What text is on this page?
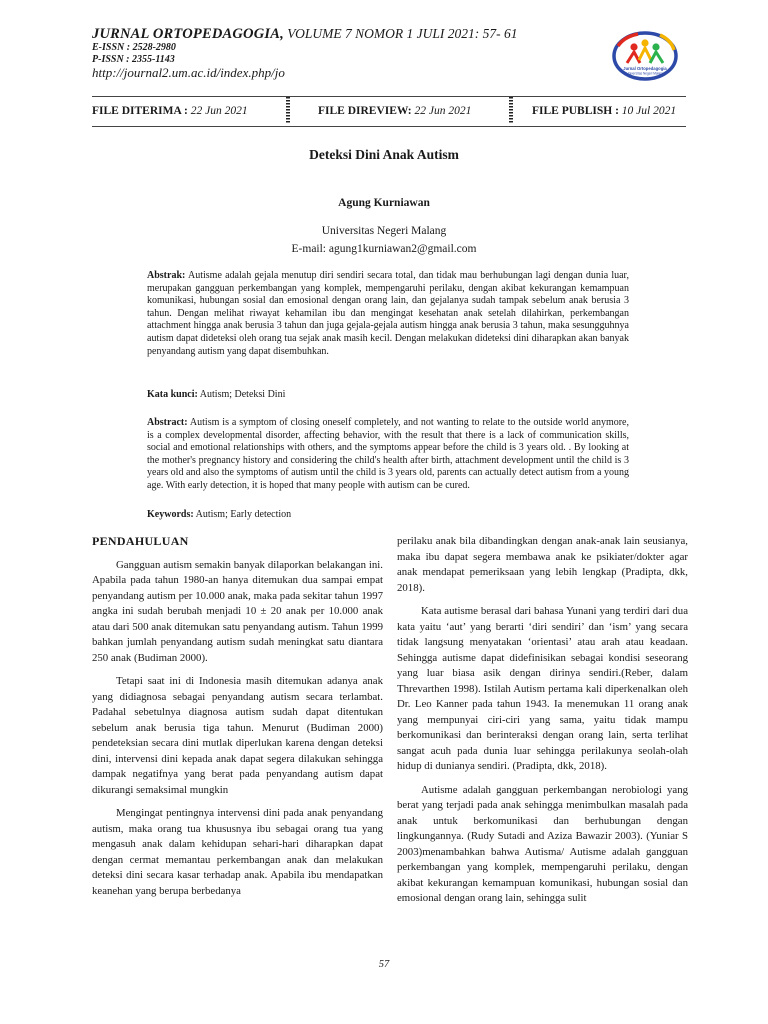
JURNAL ORTOPEDAGOGIA, VOLUME 7 NOMOR 1 JULI 2021: 57- 61
E-ISSN : 2528-2980
P-ISSN : 2355-1143
http://journal2.um.ac.id/index.php/jo	Jurnal Ortopedagogia
Universitas Negeri Malang
FILE DITERIMA : 22 Jun 2021	FILE DIREVIEW: 22 Jun 2021	FILE PUBLISH : 10 Jul 2021
Deteksi Dini Anak Autism
Agung Kurniawan
Universitas Negeri Malang
E-mail: agung1kurniawan2@gmail.com
Abstrak: Autisme adalah gejala menutup diri sendiri secara total, dan tidak mau berhubungan lagi dengan dunia luar, merupakan gangguan perkembangan yang komplek, mempengaruhi perilaku, dengan akibat kekurangan kemampuan komunikasi, hubungan sosial dan emosional dengan orang lain, dan gejalanya sudah tampak sebelum anak berusia 3 tahun. Dengan melihat riwayat kehamilan ibu dan mengingat kesehatan anak setelah dilahirkan, perkembangan attachment hingga anak berusia 3 tahun dan juga gejala-gejala autism hingga anak berusia 3 tahun, maka sesungguhnya autism dapat dideteksi oleh orang tua sejak anak masih kecil. Dengan melakukan dideteksi dini diharapkan akan banyak penyandang autism yang dapat disembuhkan.
Kata kunci: Autism; Deteksi Dini
Abstract: Autism is a symptom of closing oneself completely, and not wanting to relate to the outside world anymore, is a complex developmental disorder, affecting behavior, with the result that there is a lack of communication skills, social and emotional relationships with others, and the symptoms appear before the child is 3 years old. . By looking at the mother's pregnancy history and considering the child's health after birth, attachment development until the child is 3 years old and also the symptoms of autism until the child is 3 years old, parents can actually detect autism from a young age. With early detection, it is hoped that many people with autism can be cured.
Keywords: Autism; Early detection
PENDAHULUAN

Gangguan autism semakin banyak dilaporkan belakangan ini. Apabila pada tahun 1980-an hanya ditemukan dua sampai empat penyandang autism per 10.000 anak, maka pada sekitar tahun 1997 angka ini sudah berubah menjadi 10 ± 20 anak per 10.000 anak atau dari 500 anak ditemukan satu penyandang autism. Tahun 1999 bahkan jumlah penyandang autism sudah meningkat satu diantara 250 anak (Budiman 2000).

Tetapi saat ini di Indonesia masih ditemukan adanya anak yang didiagnosa sebagai penyandang autism secara terlambat. Padahal sebetulnya diagnosa autism sudah dapat ditentukan sebelum anak berusia tiga tahun. Menurut (Budiman 2000) pendeteksian secara dini mutlak diperlukan karena dengan deteksi dini, intervensi dini kepada anak dapat segera dilakukan sehingga dampak negatifnya yang berat pada penyandang autism dapat dikurangi semaksimal mungkin

Mengingat pentingnya intervensi dini pada anak penyandang autism, maka orang tua khususnya ibu sebagai orang tua yang mengasuh anak dalam kehidupan sehari-hari diharapkan dapat dengan cermat memantau perkembangan anak dan melakukan deteksi dini secara kasar terhadap anak. Apabila ibu mendapatkan keanehan yang berupa berbedanya

perilaku anak bila dibandingkan dengan anak-anak lain seusianya, maka ibu dapat segera membawa anak ke psikiater/dokter agar anak mendapat pemeriksaan yang lebih lengkap (Pradipta, dkk, 2018).

Kata autisme berasal dari bahasa Yunani yang terdiri dari dua kata yaitu ‘aut’ yang berarti ‘diri sendiri’ dan ‘ism’ yang secara tidak langsung menyatakan ‘orientasi’ atau arah atau keadaan. Sehingga autisme dapat didefinisikan sebagai kondisi seseorang yang luar biasa asik dengan dirinya sendiri.(Reber, dalam Threvarthen 1998). Istilah Autism pertama kali diperkenalkan oleh Dr. Leo Kanner pada tahun 1943. Ia menemukan 11 orang anak yang mempunyai ciri-ciri yang sama, yaitu tidak mampu berkomunikasi dan berinteraksi dengan orang lain, serta terlihat sangat acuh pada dunia luar sehingga perilakunya seolah-olah hidup di dunianya sendiri. (Pradipta, dkk, 2018).

Autisme adalah gangguan perkembangan nerobiologi yang berat yang terjadi pada anak sehingga menimbulkan masalah pada anak untuk berkomunikasi dan berhubungan dengan lingkungannya. (Rudy Sutadi and Aziza Bawazir 2003). (Yuniar S 2003)menambahkan bahwa Autisma/ Autisme adalah gangguan perkembangan yang komplek, mempengaruhi perilaku, dengan akibat kekurangan kemampuan komunikasi, hubungan sosial dan emosional dengan orang lain, sehingga sulit

57
